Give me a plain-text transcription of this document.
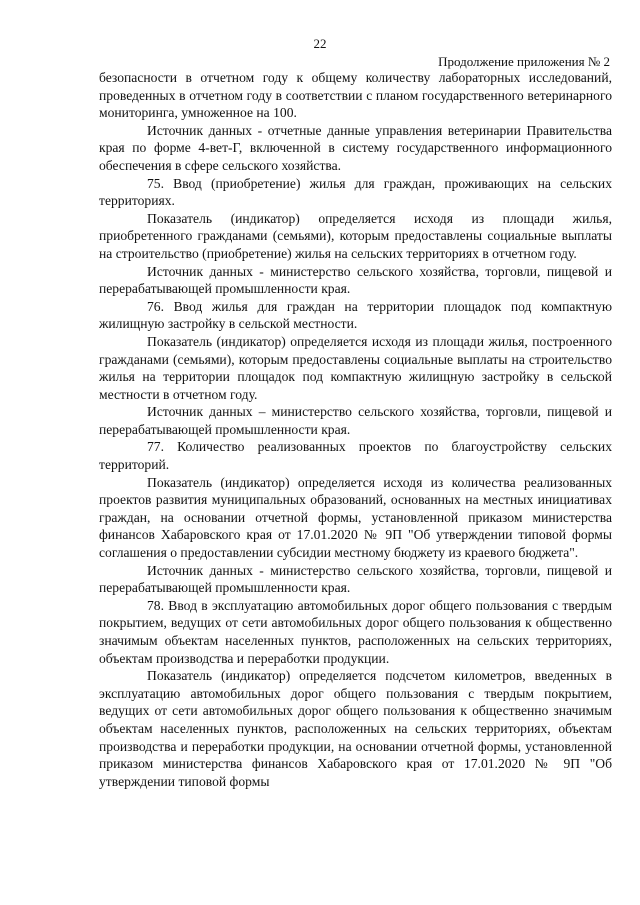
22
Продолжение приложения № 2

безопасности в отчетном году к общему количеству лабораторных исследований, проведенных в отчетном году в соответствии с планом государственного ветеринарного мониторинга, умноженное на 100.

Источник данных - отчетные данные управления ветеринарии Правительства края по форме 4-вет-Г, включенной в систему государственного информационного обеспечения в сфере сельского хозяйства.

75. Ввод (приобретение) жилья для граждан, проживающих на сельских территориях.

Показатель (индикатор) определяется исходя из площади жилья, приобретенного гражданами (семьями), которым предоставлены социальные выплаты на строительство (приобретение) жилья на сельских территориях в отчетном году.

Источник данных - министерство сельского хозяйства, торговли, пищевой и перерабатывающей промышленности края.

76. Ввод жилья для граждан на территории площадок под компактную жилищную застройку в сельской местности.

Показатель (индикатор) определяется исходя из площади жилья, построенного гражданами (семьями), которым предоставлены социальные выплаты на строительство жилья на территории площадок под компактную жилищную застройку в сельской местности в отчетном году.

Источник данных – министерство сельского хозяйства, торговли, пищевой и перерабатывающей промышленности края.

77. Количество реализованных проектов по благоустройству сельских территорий.

Показатель (индикатор) определяется исходя из количества реализованных проектов развития муниципальных образований, основанных на местных инициативах граждан, на основании отчетной формы, установленной приказом министерства финансов Хабаровского края от 17.01.2020 № 9П "Об утверждении типовой формы соглашения о предоставлении субсидии местному бюджету из краевого бюджета".

Источник данных - министерство сельского хозяйства, торговли, пищевой и перерабатывающей промышленности края.

78. Ввод в эксплуатацию автомобильных дорог общего пользования с твердым покрытием, ведущих от сети автомобильных дорог общего пользования к общественно значимым объектам населенных пунктов, расположенных на сельских территориях, объектам производства и переработки продукции.

Показатель (индикатор) определяется подсчетом километров, введенных в эксплуатацию автомобильных дорог общего пользования с твердым покрытием, ведущих от сети автомобильных дорог общего пользования к общественно значимым объектам населенных пунктов, расположенных на сельских территориях, объектам производства и переработки продукции, на основании отчетной формы, установленной приказом министерства финансов Хабаровского края от 17.01.2020 № 9П "Об утверждении типовой формы
